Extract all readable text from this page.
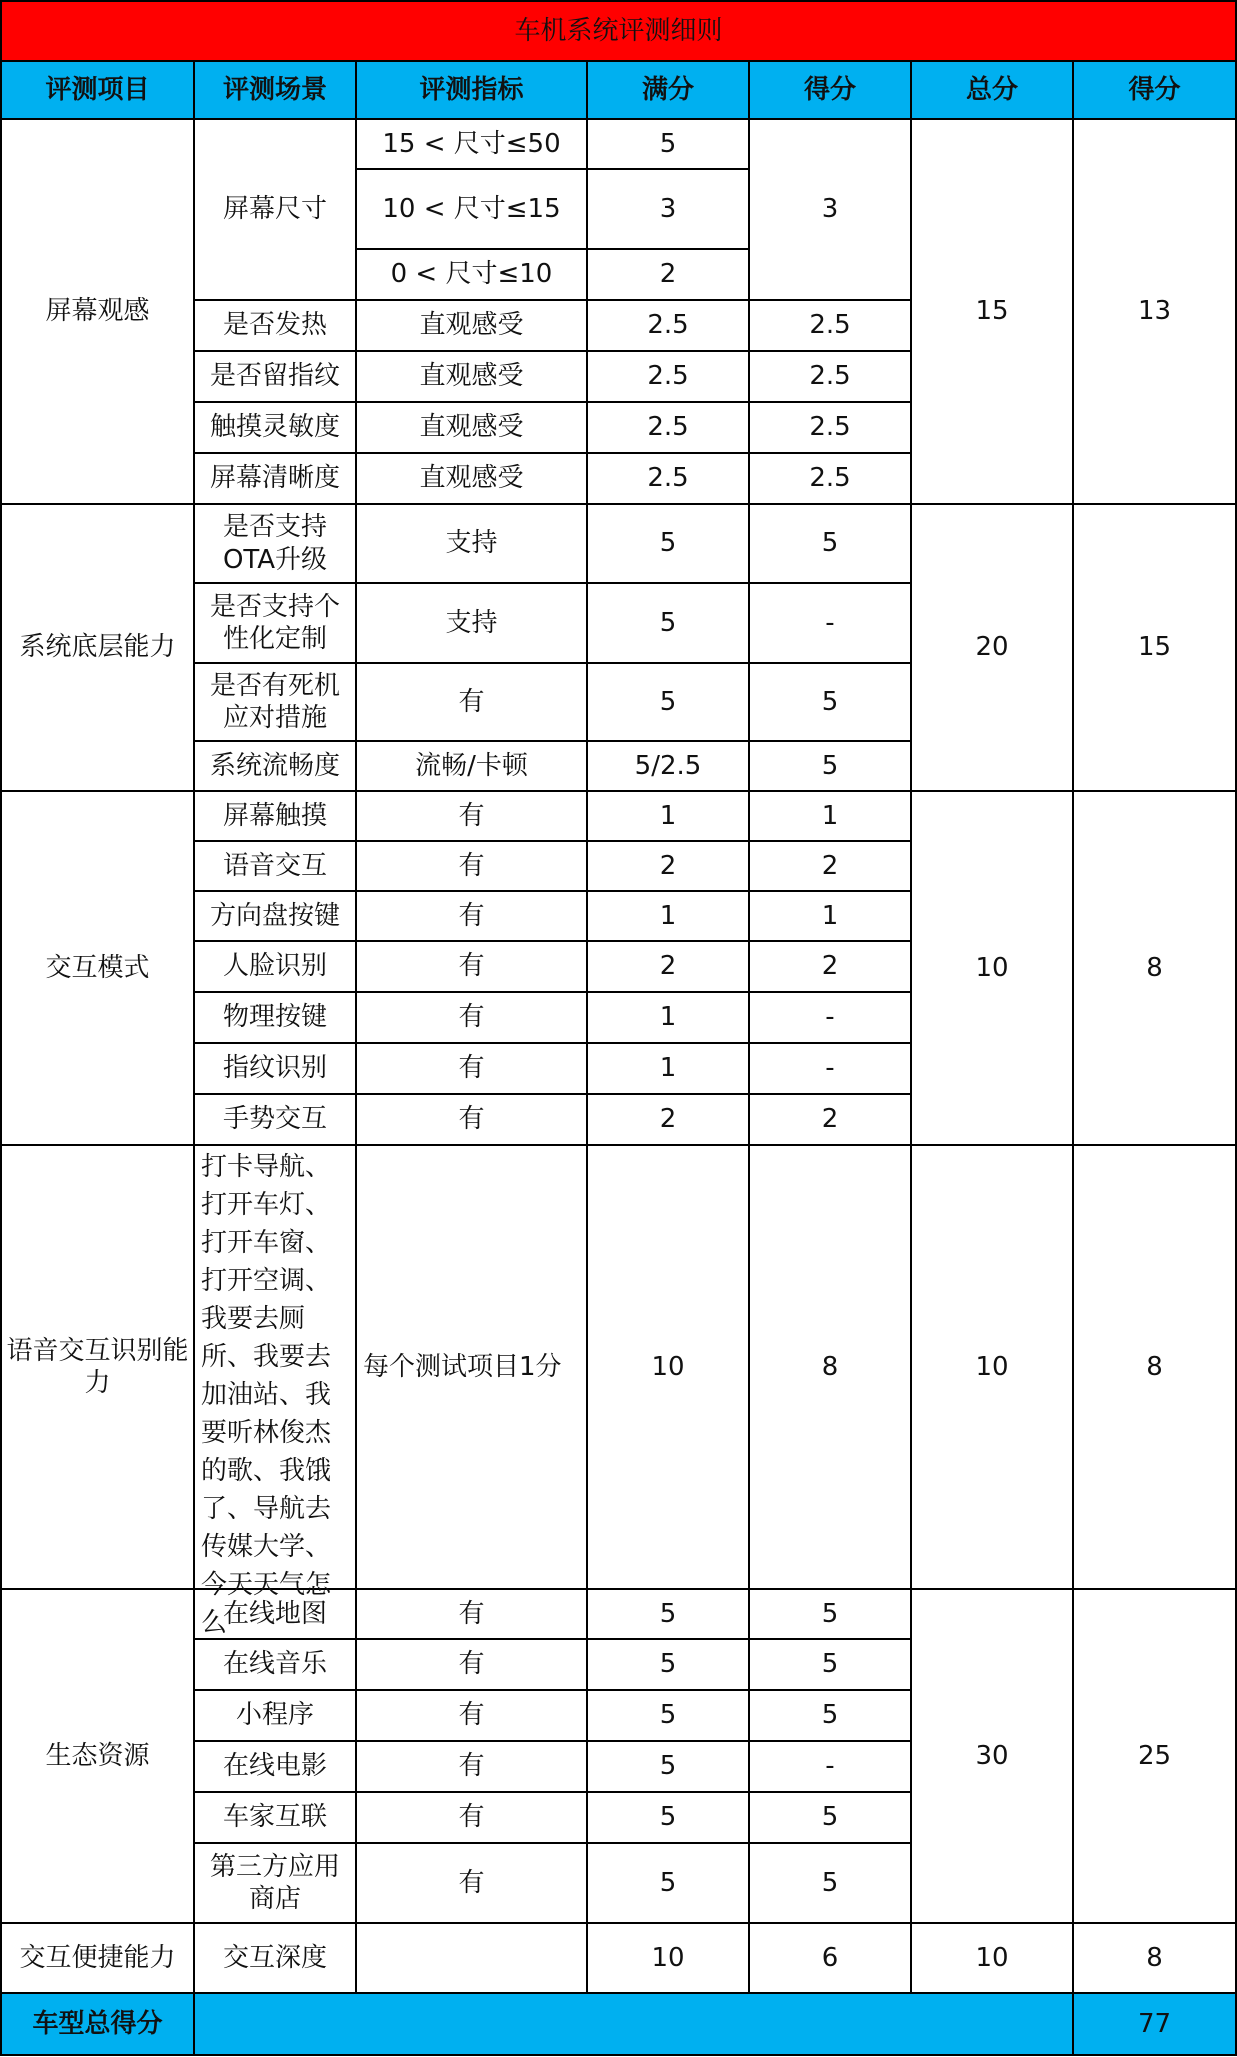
车机系统评测细则						
评测项目	评测场景	评测指标	满分	得分	总分	得分
屏幕观感	屏幕尺寸	15 < 尺寸≤50	5	3	15	13
		10 < 尺寸≤15	3			
		0 < 尺寸≤10	2			
	是否发热	直观感受	2.5	2.5		
	是否留指纹	直观感受	2.5	2.5		
	触摸灵敏度	直观感受	2.5	2.5		
	屏幕清晰度	直观感受	2.5	2.5		
系统底层能力	是否支持OTA升级	支持	5	5	20	15
	是否支持个性化定制	支持	5	-		
	是否有死机应对措施	有	5	5		
	系统流畅度	流畅/卡顿	5/2.5	5		
交互模式	屏幕触摸	有	1	1	10	8
	语音交互	有	2	2		
	方向盘按键	有	1	1		
	人脸识别	有	2	2		
	物理按键	有	1	-		
	指纹识别	有	1	-		
	手势交互	有	2	2		
语音交互识别能力	打卡导航、打开车灯、打开车窗、打开空调、我要去厕所、我要去加油站、我要听林俊杰的歌、我饿了、导航去传媒大学、今天天气怎么	每个测试项目1分	10	8	10	8
生态资源	在线地图	有	5	5	30	25
	在线音乐	有	5	5		
	小程序	有	5	5		
	在线电影	有	5	-		
	车家互联	有	5	5		
	第三方应用商店	有	5	5		
交互便捷能力	交互深度		10	6	10	8
车型总得分						77
